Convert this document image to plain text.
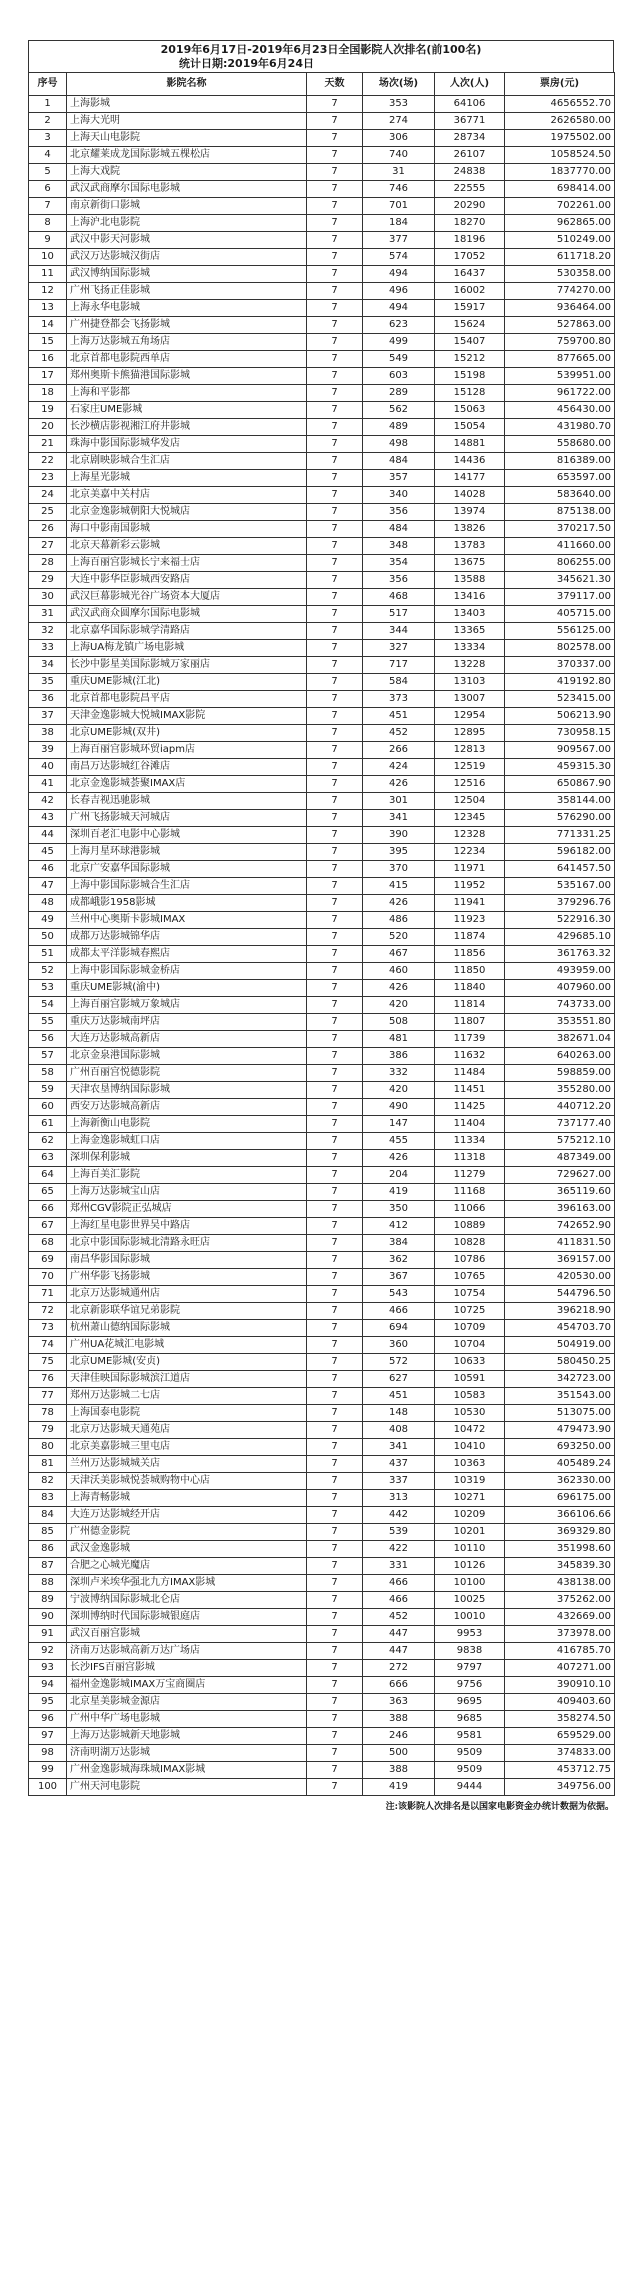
2019年6月17日-2019年6月23日全国影院人次排名(前100名)
统计日期:2019年6月24日
序号	影院名称	天数	场次(场)	人次(人)	票房(元)
1	上海影城	7	353	64106	4656552.70
2	上海大光明	7	274	36771	2626580.00
3	上海天山电影院	7	306	28734	1975502.00
4	北京耀莱成龙国际影城五棵松店	7	740	26107	1058524.50
5	上海大戏院	7	31	24838	1837770.00
6	武汉武商摩尔国际电影城	7	746	22555	698414.00
7	南京新街口影城	7	701	20290	702261.00
8	上海沪北电影院	7	184	18270	962865.00
9	武汉中影天河影城	7	377	18196	510249.00
10	武汉万达影城汉街店	7	574	17052	611718.20
11	武汉博纳国际影城	7	494	16437	530358.00
12	广州飞扬正佳影城	7	496	16002	774270.00
13	上海永华电影城	7	494	15917	936464.00
14	广州捷登都会飞扬影城	7	623	15624	527863.00
15	上海万达影城五角场店	7	499	15407	759700.80
16	北京首都电影院西单店	7	549	15212	877665.00
17	郑州奥斯卡熊猫港国际影城	7	603	15198	539951.00
18	上海和平影都	7	289	15128	961722.00
19	石家庄UME影城	7	562	15063	456430.00
20	长沙横店影视湘江府井影城	7	489	15054	431980.70
21	珠海中影国际影城华发店	7	498	14881	558680.00
22	北京剧映影城合生汇店	7	484	14436	816389.00
23	上海星光影城	7	357	14177	653597.00
24	北京美嘉中关村店	7	340	14028	583640.00
25	北京金逸影城朝阳大悦城店	7	356	13974	875138.00
26	海口中影南国影城	7	484	13826	370217.50
27	北京天幕新彩云影城	7	348	13783	411660.00
28	上海百丽宫影城长宁来福士店	7	354	13675	806255.00
29	大连中影华臣影城西安路店	7	356	13588	345621.30
30	武汉巨幕影城光谷广场资本大厦店	7	468	13416	379117.00
31	武汉武商众圆摩尔国际电影城	7	517	13403	405715.00
32	北京嘉华国际影城学清路店	7	344	13365	556125.00
33	上海UA梅龙镇广场电影城	7	327	13334	802578.00
34	长沙中影星美国际影城万家丽店	7	717	13228	370337.00
35	重庆UME影城(江北)	7	584	13103	419192.80
36	北京首都电影院昌平店	7	373	13007	523415.00
37	天津金逸影城大悦城IMAX影院	7	451	12954	506213.90
38	北京UME影城(双井)	7	452	12895	730958.15
39	上海百丽宫影城环贸iapm店	7	266	12813	909567.00
40	南昌万达影城红谷滩店	7	424	12519	459315.30
41	北京金逸影城荟聚IMAX店	7	426	12516	650867.90
42	长春吉视迅驰影城	7	301	12504	358144.00
43	广州飞扬影城天河城店	7	341	12345	576290.00
44	深圳百老汇电影中心影城	7	390	12328	771331.25
45	上海月星环球港影城	7	395	12234	596182.00
46	北京广安嘉华国际影城	7	370	11971	641457.50
47	上海中影国际影城合生汇店	7	415	11952	535167.00
48	成都峨影1958影城	7	426	11941	379296.76
49	兰州中心奥斯卡影城IMAX	7	486	11923	522916.30
50	成都万达影城锦华店	7	520	11874	429685.10
51	成都太平洋影城春熙店	7	467	11856	361763.32
52	上海中影国际影城金桥店	7	460	11850	493959.00
53	重庆UME影城(渝中)	7	426	11840	407960.00
54	上海百丽宫影城万象城店	7	420	11814	743733.00
55	重庆万达影城南坪店	7	508	11807	353551.80
56	大连万达影城高新店	7	481	11739	382671.04
57	北京金泉港国际影城	7	386	11632	640263.00
58	广州百丽宫悦德影院	7	332	11484	598859.00
59	天津农垦博纳国际影城	7	420	11451	355280.00
60	西安万达影城高新店	7	490	11425	440712.20
61	上海新衡山电影院	7	147	11404	737177.40
62	上海金逸影城虹口店	7	455	11334	575212.10
63	深圳保利影城	7	426	11318	487349.00
64	上海百美汇影院	7	204	11279	729627.00
65	上海万达影城宝山店	7	419	11168	365119.60
66	郑州CGV影院正弘城店	7	350	11066	396163.00
67	上海红星电影世界吴中路店	7	412	10889	742652.90
68	北京中影国际影城北清路永旺店	7	384	10828	411831.50
69	南昌华影国际影城	7	362	10786	369157.00
70	广州华影飞扬影城	7	367	10765	420530.00
71	北京万达影城通州店	7	543	10754	544796.50
72	北京新影联华谊兄弟影院	7	466	10725	396218.90
73	杭州萧山德纳国际影城	7	694	10709	454703.70
74	广州UA花城汇电影城	7	360	10704	504919.00
75	北京UME影城(安贞)	7	572	10633	580450.25
76	天津佳映国际影城滨江道店	7	627	10591	342723.00
77	郑州万达影城二七店	7	451	10583	351543.00
78	上海国泰电影院	7	148	10530	513075.00
79	北京万达影城天通苑店	7	408	10472	479473.90
80	北京美嘉影城三里屯店	7	341	10410	693250.00
81	兰州万达影城城关店	7	437	10363	405489.24
82	天津沃美影城悦荟城购物中心店	7	337	10319	362330.00
83	上海青畅影城	7	313	10271	696175.00
84	大连万达影城经开店	7	442	10209	366106.66
85	广州德金影院	7	539	10201	369329.80
86	武汉金逸影城	7	422	10110	351998.60
87	合肥之心城光魔店	7	331	10126	345839.30
88	深圳卢米埃华强北九方IMAX影城	7	466	10100	438138.00
89	宁波博纳国际影城北仑店	7	466	10025	375262.00
90	深圳博纳时代国际影城银庭店	7	452	10010	432669.00
91	武汉百丽宫影城	7	447	9953	373978.00
92	济南万达影城高新万达广场店	7	447	9838	416785.70
93	长沙IFS百丽宫影城	7	272	9797	407271.00
94	福州金逸影城IMAX万宝商圈店	7	666	9756	390910.10
95	北京星美影城金源店	7	363	9695	409403.60
96	广州中华广场电影城	7	388	9685	358274.50
97	上海万达影城新天地影城	7	246	9581	659529.00
98	济南明湖万达影城	7	500	9509	374833.00
99	广州金逸影城海珠城IMAX影城	7	388	9509	453712.75
100	广州天河电影院	7	419	9444	349756.00
注:该影院人次排名是以国家电影资金办统计数据为依据。
